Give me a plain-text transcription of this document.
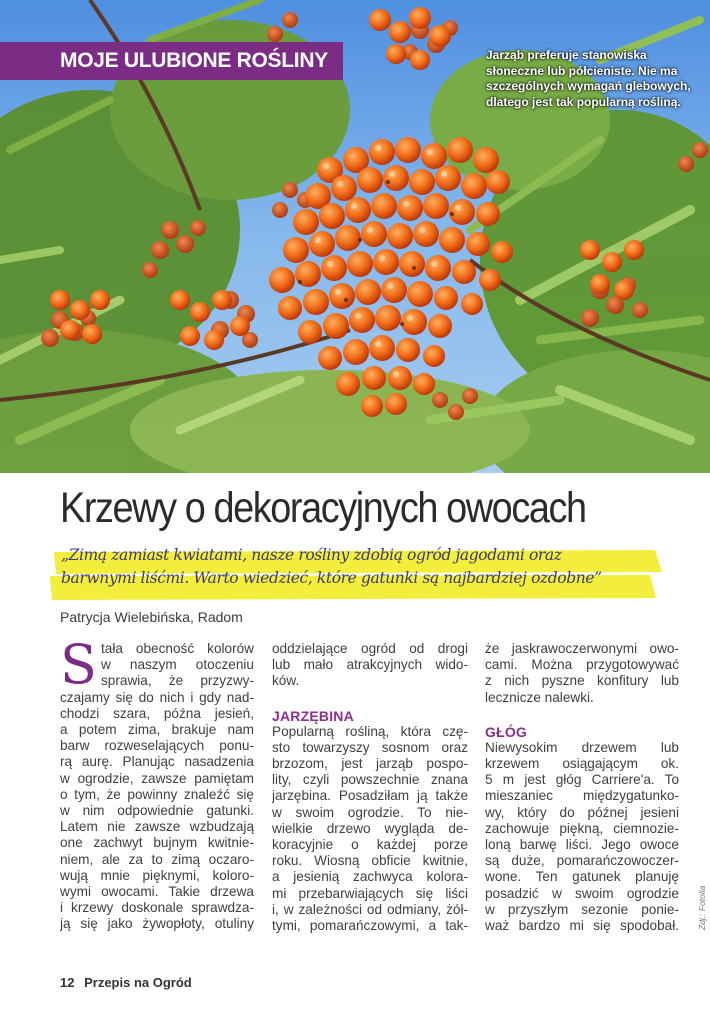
MOJE ULUBIONE ROŚLINY	Jarząb preferuje stanowiska słoneczne lub półcieniste. Nie ma szczególnych wymagań glebowych, dlatego jest tak popularną rośliną.
Krzewy o dekoracyjnych owocach

„Zimą zamiast kwiatami, nasze rośliny zdobią ogród jagodami oraz

barwnymi liśćmi. Warto wiedzieć, które gatunki są najbardziej ozdobne”

Patrycja Wielebińska, Radom
S tała obecność kolorów
w naszym otoczeniu
sprawia, że przyzwy-
czajamy się do nich i gdy nad-
chodzi szara, późna jesień,
a potem zima, brakuje nam
barw rozweselających ponu-
rą aurę. Planując nasadzenia
w ogrodzie, zawsze pamiętam
o tym, że powinny znaleźć się
w nim odpowiednie gatunki.
Latem nie zawsze wzbudzają
one zachwyt bujnym kwitnie-
niem, ale za to zimą oczaro-
wują mnie pięknymi, koloro-
wymi owocami. Takie drzewa
i krzewy doskonale sprawdza-
ją się jako żywopłoty, otuliny
oddzielające ogród od drogi
lub mało atrakcyjnych wido-
ków.
JARZĘBINA
Popularną rośliną, która czę-
sto towarzyszy sosnom oraz
brzozom, jest jarząb pospo-
lity, czyli powszechnie znana
jarzębina. Posadziłam ją także
w swoim ogrodzie. To nie-
wielkie drzewo wygląda de-
koracyjnie o każdej porze
roku. Wiosną obficie kwitnie,
a jesienią zachwyca kolora-
mi przebarwiających się liści
i, w zależności od odmiany, żół-
tymi, pomarańczowymi, a tak-
że jaskrawoczerwonymi owo-
cami. Można przygotowywać
z nich pyszne konfitury lub
lecznicze nalewki.
GŁÓG
Niewysokim drzewem lub
krzewem osiągającym ok.
5 m jest głóg Carriere'a. To
mieszaniec międzygatunko-
wy, który do późnej jesieni
zachowuje piękną, ciemnozie-
loną barwę liści. Jego owoce
są duże, pomarańczowoczer-
wone. Ten gatunek planuję
posadzić w swoim ogrodzie
w przyszłym sezonie ponie-
waż bardzo mi się spodobał. Zdj.: Fotolia
12 Przepis na Ogród
